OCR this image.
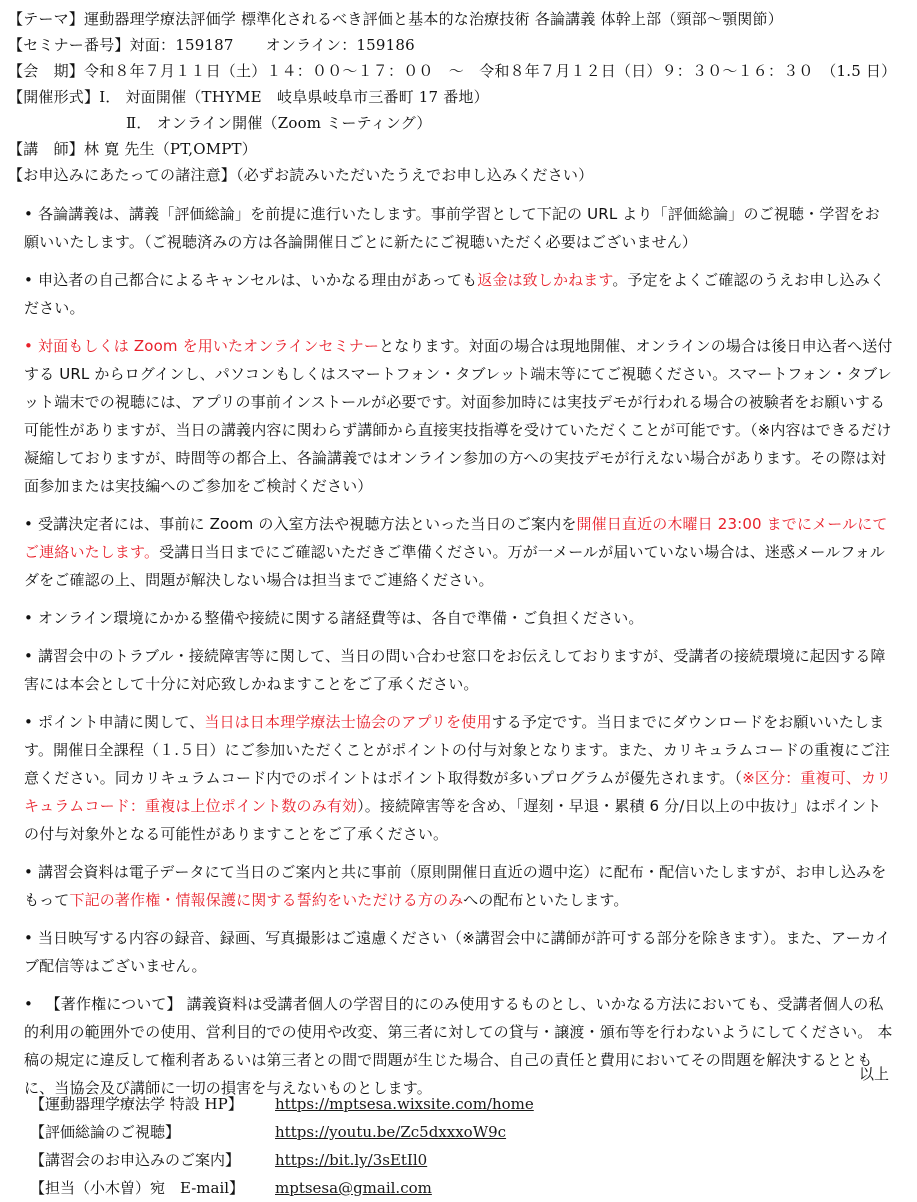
【テーマ】運動器理学療法評価学 標準化されるべき評価と基本的な治療技術 各論講義 体幹上部（頸部〜顎関節）
【セミナー番号】対面：159187 オンライン：159186
【会　期】令和８年７月１１日（土）１４：００〜１７：００　〜　令和８年７月１２日（日）９：３０〜１６：３０　（1.5 日）
【開催形式】Ⅰ． 対面開催（THYME　岐阜県岐阜市三番町 17 番地）
Ⅱ． オンライン開催（Zoom ミーティング）
【講　師】林 寛 先生（PT,OMPT）
【お申込みにあたっての諸注意】（必ずお読みいただいたうえでお申し込みください）
• 各論講義は、講義「評価総論」を前提に進行いたします。事前学習として下記の URL より「評価総論」のご視聴・学習をお願いいたします。（ご視聴済みの方は各論開催日ごとに新たにご視聴いただく必要はございません）
• 申込者の自己都合によるキャンセルは、いかなる理由があっても返金は致しかねます。予定をよくご確認のうえお申し込みください。
• 対面もしくは Zoom を用いたオンラインセミナーとなります。対面の場合は現地開催、オンラインの場合は後日申込者へ送付する URL からログインし、パソコンもしくはスマートフォン・タブレット端末等にてご視聴ください。スマートフォン・タブレット端末での視聴には、アプリの事前インストールが必要です。対面参加時には実技デモが行われる場合の被験者をお願いする可能性がありますが、当日の講義内容に関わらず講師から直接実技指導を受けていただくことが可能です。（※内容はできるだけ凝縮しておりますが、時間等の都合上、各論講義ではオンライン参加の方への実技デモが行えない場合があります。その際は対面参加または実技編へのご参加をご検討ください）
• 受講決定者には、事前に Zoom の入室方法や視聴方法といった当日のご案内を開催日直近の木曜日 23:00 までにメールにてご連絡いたします。受講日当日までにご確認いただきご準備ください。万が一メールが届いていない場合は、迷惑メールフォルダをご確認の上、問題が解決しない場合は担当までご連絡ください。
• オンライン環境にかかる整備や接続に関する諸経費等は、各自で準備・ご負担ください。
• 講習会中のトラブル・接続障害等に関して、当日の問い合わせ窓口をお伝えしておりますが、受講者の接続環境に起因する障害には本会として十分に対応致しかねますことをご了承ください。
• ポイント申請に関して、当日は日本理学療法士協会のアプリを使用する予定です。当日までにダウンロードをお願いいたします。開催日全課程（１.５日）にご参加いただくことがポイントの付与対象となります。また、カリキュラムコードの重複にご注意ください。同カリキュラムコード内でのポイントはポイント取得数が多いプログラムが優先されます。（※区分：重複可、カリキュラムコード：重複は上位ポイント数のみ有効）。接続障害等を含め、「遅刻・早退・累積 6 分/日以上の中抜け」はポイントの付与対象外となる可能性がありますことをご了承ください。
• 講習会資料は電子データにて当日のご案内と共に事前（原則開催日直近の週中迄）に配布・配信いたしますが、お申し込みをもって下記の著作権・情報保護に関する誓約をいただける方のみへの配布といたします。
• 当日映写する内容の録音、録画、写真撮影はご遠慮ください（※講習会中に講師が許可する部分を除きます）。また、アーカイブ配信等はございません。
•　【著作権について】 講義資料は受講者個人の学習目的にのみ使用するものとし、いかなる方法においても、受講者個人の私的利用の範囲外での使用、営利目的での使用や改変、第三者に対しての貸与・譲渡・頒布等を行わないようにしてください。 本稿の規定に違反して権利者あるいは第三者との間で問題が生じた場合、自己の責任と費用においてその問題を解決するとともに、当協会及び講師に一切の損害を与えないものとします。
以上
【運動器理学療法学 特設 HP】 https://mptsesa.wixsite.com/home
【評価総論のご視聴】	https://youtu.be/Zc5dxxxoW9c
【講習会のお申込みのご案内】 https://bit.ly/3sEtIl0
【担当（小木曽）宛　E-mail】 mptsesa@gmail.com
